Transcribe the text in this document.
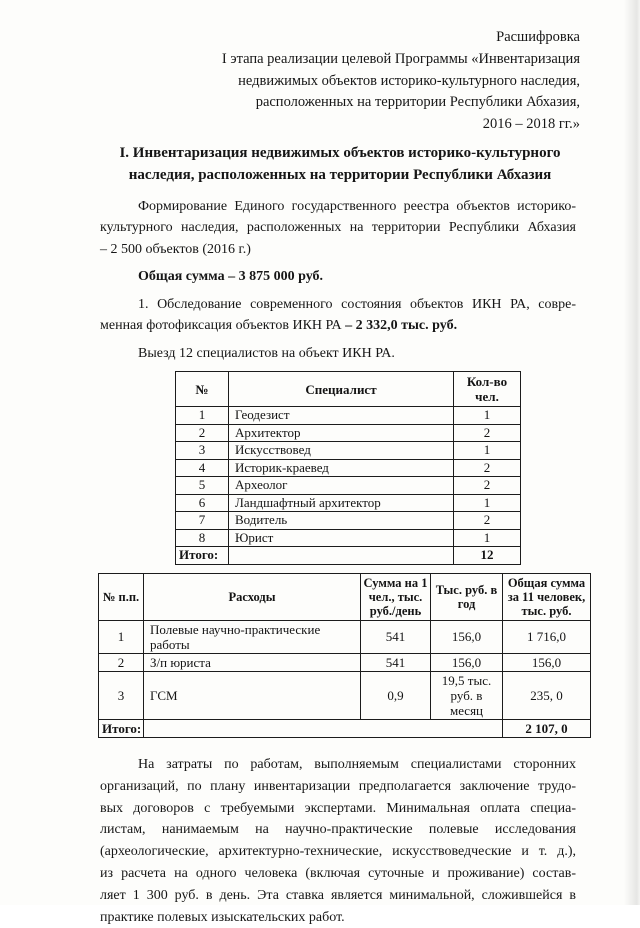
Расшифровка
I этапа реализации целевой Программы «Инвентаризация
недвижимых объектов историко-культурного наследия,
расположенных на территории Республики Абхазия,
2016 – 2018 гг.»
I. Инвентаризация недвижимых объектов историко-культурного
наследия, расположенных на территории Республики Абхазия
Формирование Единого государственного реестра объектов историко-
культурного наследия, расположенных на территории Республики Абхазия
– 2 500 объектов (2016 г.)
Общая сумма – 3 875 000 руб.
1. Обследование современного состояния объектов ИКН РА, совре-
менная фотофиксация объектов ИКН РА – 2 332,0 тыс. руб.
Выезд 12 специалистов на объект ИКН РА.
№	Специалист	Кол-во чел.
1	Геодезист	1
2	Архитектор	2
3	Искусствовед	1
4	Историк-краевед	2
5	Археолог	2
6	Ландшафтный архитектор	1
7	Водитель	2
8	Юрист	1
Итого:		12
№ п.п.	Расходы	Сумма на 1 чел., тыс. руб./день	Тыс. руб. в год	Общая сумма за 11 человек, тыс. руб.
1	Полевые научно-практические работы	541	156,0	1 716,0
2	З/п юриста	541	156,0	156,0
3	ГСМ	0,9	19,5 тыс. руб. в месяц	235, 0
Итого:				2 107, 0
На затраты по работам, выполняемым специалистами сторонних
организаций, по плану инвентаризации предполагается заключение трудо-
вых договоров с требуемыми экспертами. Минимальная оплата специа-
листам, нанимаемым на научно-практические полевые исследования
(археологические, архитектурно-технические, искусствоведческие и т. д.),
из расчета на одного человека (включая суточные и проживание) состав-
ляет 1 300 руб. в день. Эта ставка является минимальной, сложившейся в
практике полевых изыскательских работ.
